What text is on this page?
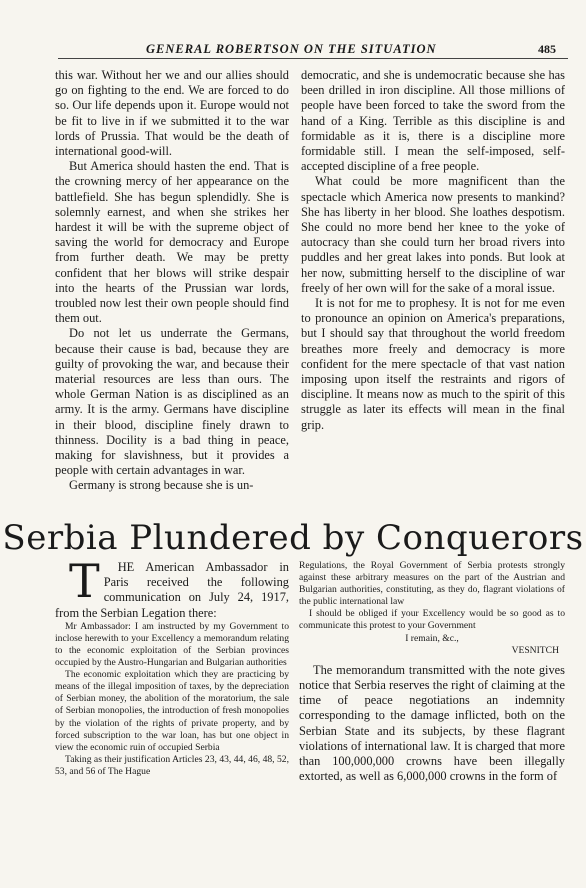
GENERAL ROBERTSON ON THE SITUATION	485

this war. Without her we and our allies should go on fighting to the end. We are forced to do so. Our life depends upon it. Europe would not be fit to live in if we submitted it to the war lords of Prussia. That would be the death of international good-will.

But America should hasten the end. That is the crowning mercy of her appearance on the battlefield. She has begun splendidly. She is solemnly earnest, and when she strikes her hardest it will be with the supreme object of saving the world for democracy and Europe from further death. We may be pretty confident that her blows will strike despair into the hearts of the Prussian war lords, troubled now lest their own people should find them out.

Do not let us underrate the Germans, because their cause is bad, because they are guilty of provoking the war, and because their material resources are less than ours. The whole German Nation is as disciplined as an army. It is the army. Germans have discipline in their blood, discipline finely drawn to thinness. Docility is a bad thing in peace, making for slavishness, but it provides a people with certain advantages in war.

Germany is strong because she is un-

democratic, and she is undemocratic because she has been drilled in iron discipline. All those millions of people have been forced to take the sword from the hand of a King. Terrible as this discipline is and formidable as it is, there is a discipline more formidable still. I mean the self-imposed, self-accepted discipline of a free people.

What could be more magnificent than the spectacle which America now presents to mankind? She has liberty in her blood. She loathes despotism. She could no more bend her knee to the yoke of autocracy than she could turn her broad rivers into puddles and her great lakes into ponds. But look at her now, submitting herself to the discipline of war freely of her own will for the sake of a moral issue.

It is not for me to prophesy. It is not for me even to pronounce an opinion on America's preparations, but I should say that throughout the world freedom breathes more freely and democracy is more confident for the mere spectacle of that vast nation imposing upon itself the restraints and rigors of discipline. It means now as much to the spirit of this struggle as later its effects will mean in the final grip.

Serbia Plundered by Conquerors

T HE American Ambassador in Paris received the following communication on July 24, 1917, from the Serbian Legation there:

Mr Ambassador: I am instructed by my Government to inclose herewith to your Excellency a memorandum relating to the economic exploitation of the Serbian provinces occupied by the Austro-Hungarian and Bulgarian authorities

The economic exploitation which they are practicing by means of the illegal imposition of taxes, by the depreciation of Serbian money, the abolition of the moratorium, the sale of Serbian monopolies, the introduction of fresh monopolies by the violation of the rights of private property, and by forced subscription to the war loan, has but one object in view the economic ruin of occupied Serbia

Taking as their justification Articles 23, 43, 44, 46, 48, 52, 53, and 56 of The Hague

Regulations, the Royal Government of Serbia protests strongly against these arbitrary measures on the part of the Austrian and Bulgarian authorities, constituting, as they do, flagrant violations of the public international law

I should be obliged if your Excellency would be so good as to communicate this protest to your Government

I remain, &c.,

VESNITCH

The memorandum transmitted with the note gives notice that Serbia reserves the right of claiming at the time of peace negotiations an indemnity corresponding to the damage inflicted, both on the Serbian State and its subjects, by these flagrant violations of international law. It is charged that more than 100,000,000 crowns have been illegally extorted, as well as 6,000,000 crowns in the form of
